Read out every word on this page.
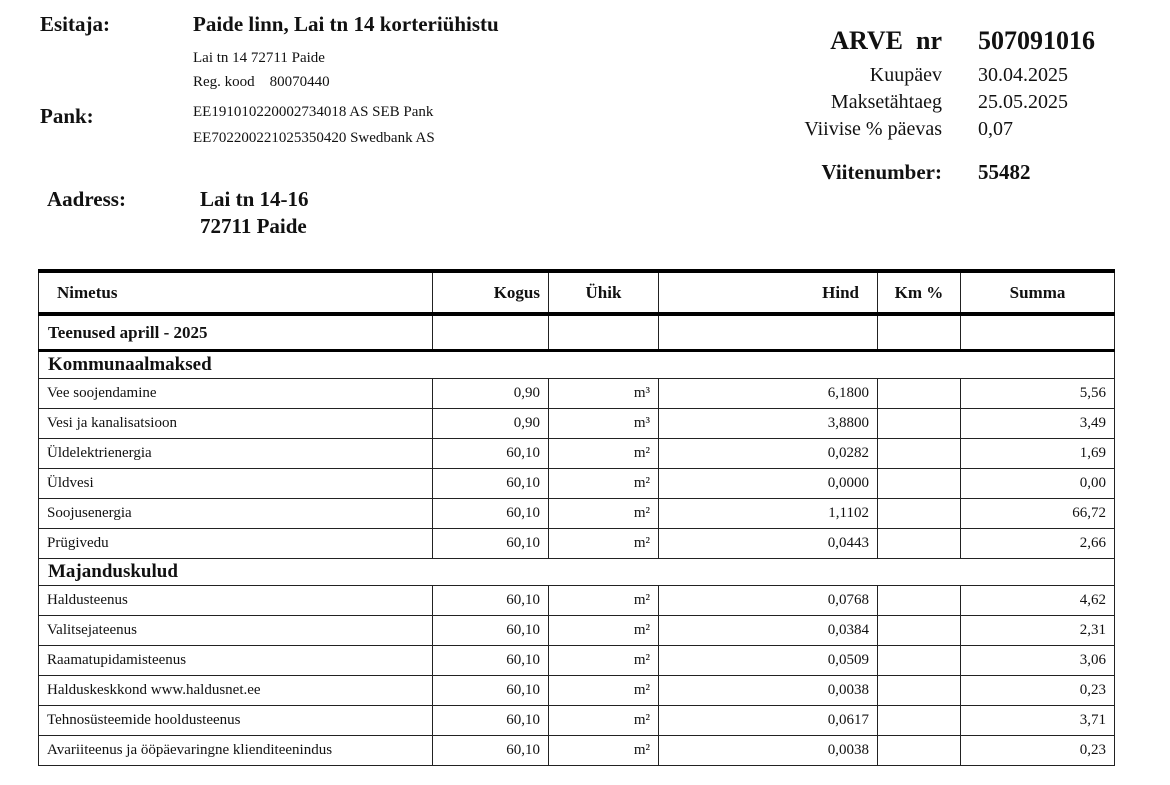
Esitaja:	Paide linn, Lai tn 14 korteriühistu
Lai tn 14 72711 Paide
Reg. kood    80070440
Pank:	EE191010220002734018 AS SEB Pank
EE702200221025350420 Swedbank AS
Aadress:	Lai tn 14-16
72711 Paide
ARVE  nr 507091016
Kuupäev 30.04.2025
Maksetähtaeg 25.05.2025
Viivise % päevas 0,07
Viitenumber: 55482
Nimetus	Kogus	Ühik	Hind	Km %	Summa
Teenused aprill - 2025					
Kommunaalmaksed					
Vee soojendamine	0,90	m³	6,1800		5,56
Vesi ja kanalisatsioon	0,90	m³	3,8800		3,49
Üldelektrienergia	60,10	m²	0,0282		1,69
Üldvesi	60,10	m²	0,0000		0,00
Soojusenergia	60,10	m²	1,1102		66,72
Prügivedu	60,10	m²	0,0443		2,66
Majanduskulud					
Haldusteenus	60,10	m²	0,0768		4,62
Valitsejateenus	60,10	m²	0,0384		2,31
Raamatupidamisteenus	60,10	m²	0,0509		3,06
Halduskeskkond www.haldusnet.ee	60,10	m²	0,0038		0,23
Tehnosüsteemide hooldusteenus	60,10	m²	0,0617		3,71
Avariiteenus ja ööpäevaringne klienditeenindus	60,10	m²	0,0038		0,23
